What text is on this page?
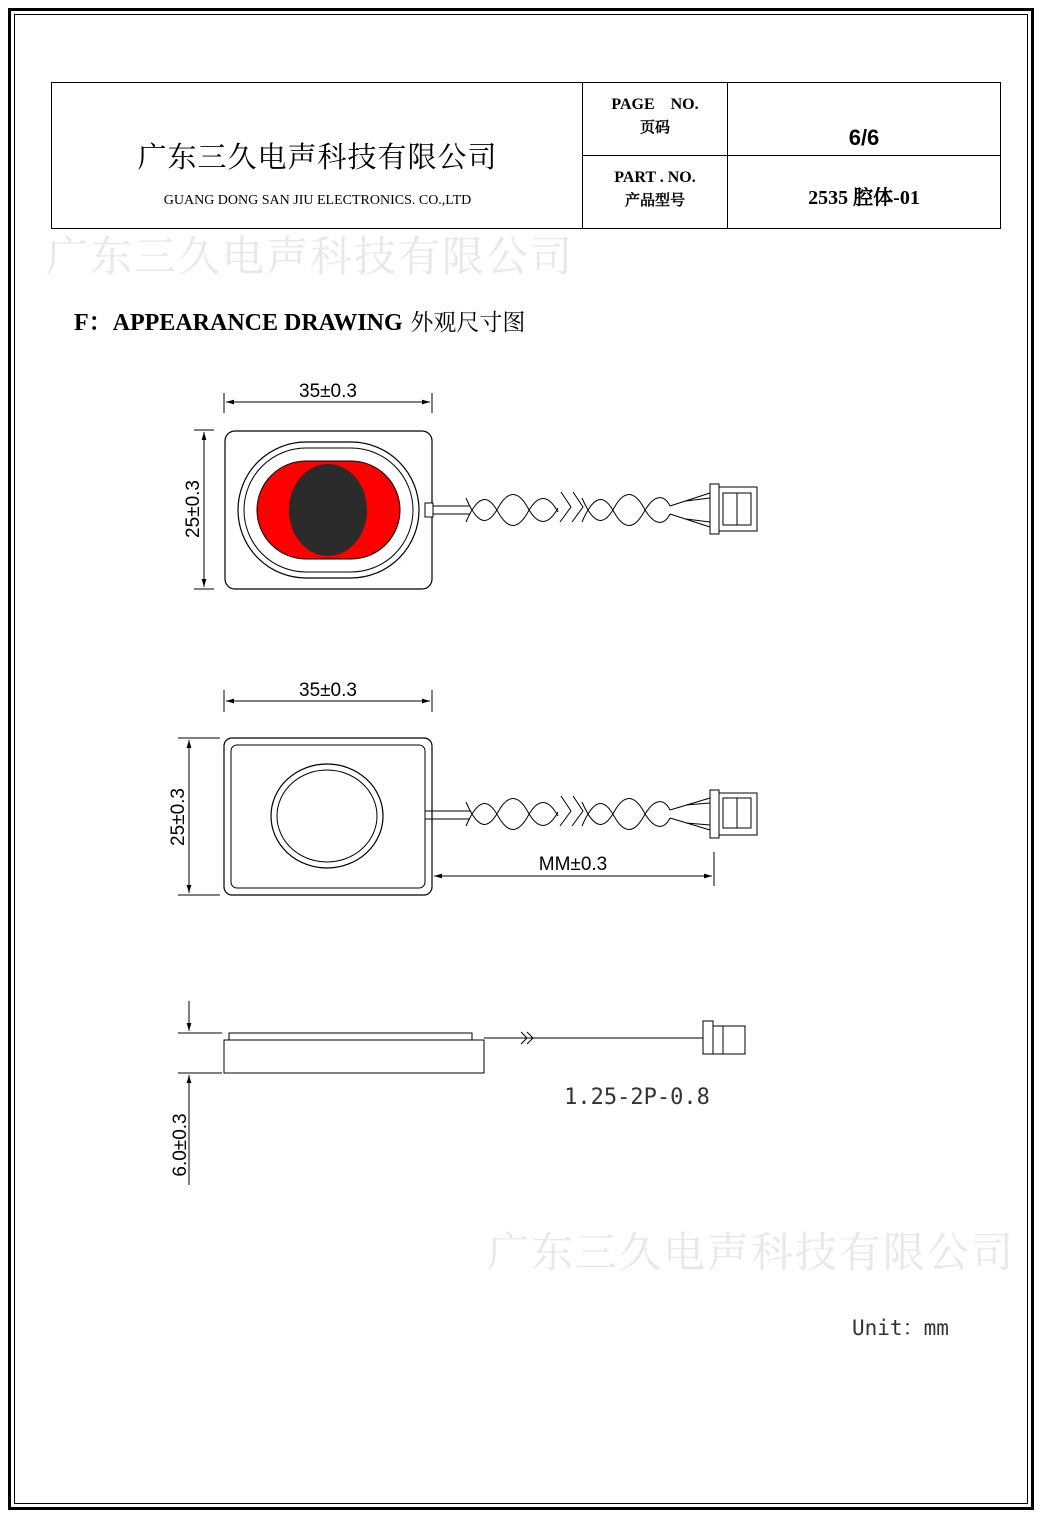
广东三久电声科技有限公司
GUANG DONG SAN JIU ELECTRONICS. CO.,LTD
PAGE    NO.
页码	6/6
PART . NO.
产品型号	2535 腔体-01
广东三久电声科技有限公司
广东三久电声科技有限公司
F：APPEARANCE DRAWING 外观尺寸图
35±0.3
25±0.3
35±0.3
25±0.3
MM±0.3
6.0±0.3
1.25-2P-0.8
Unit：mm
